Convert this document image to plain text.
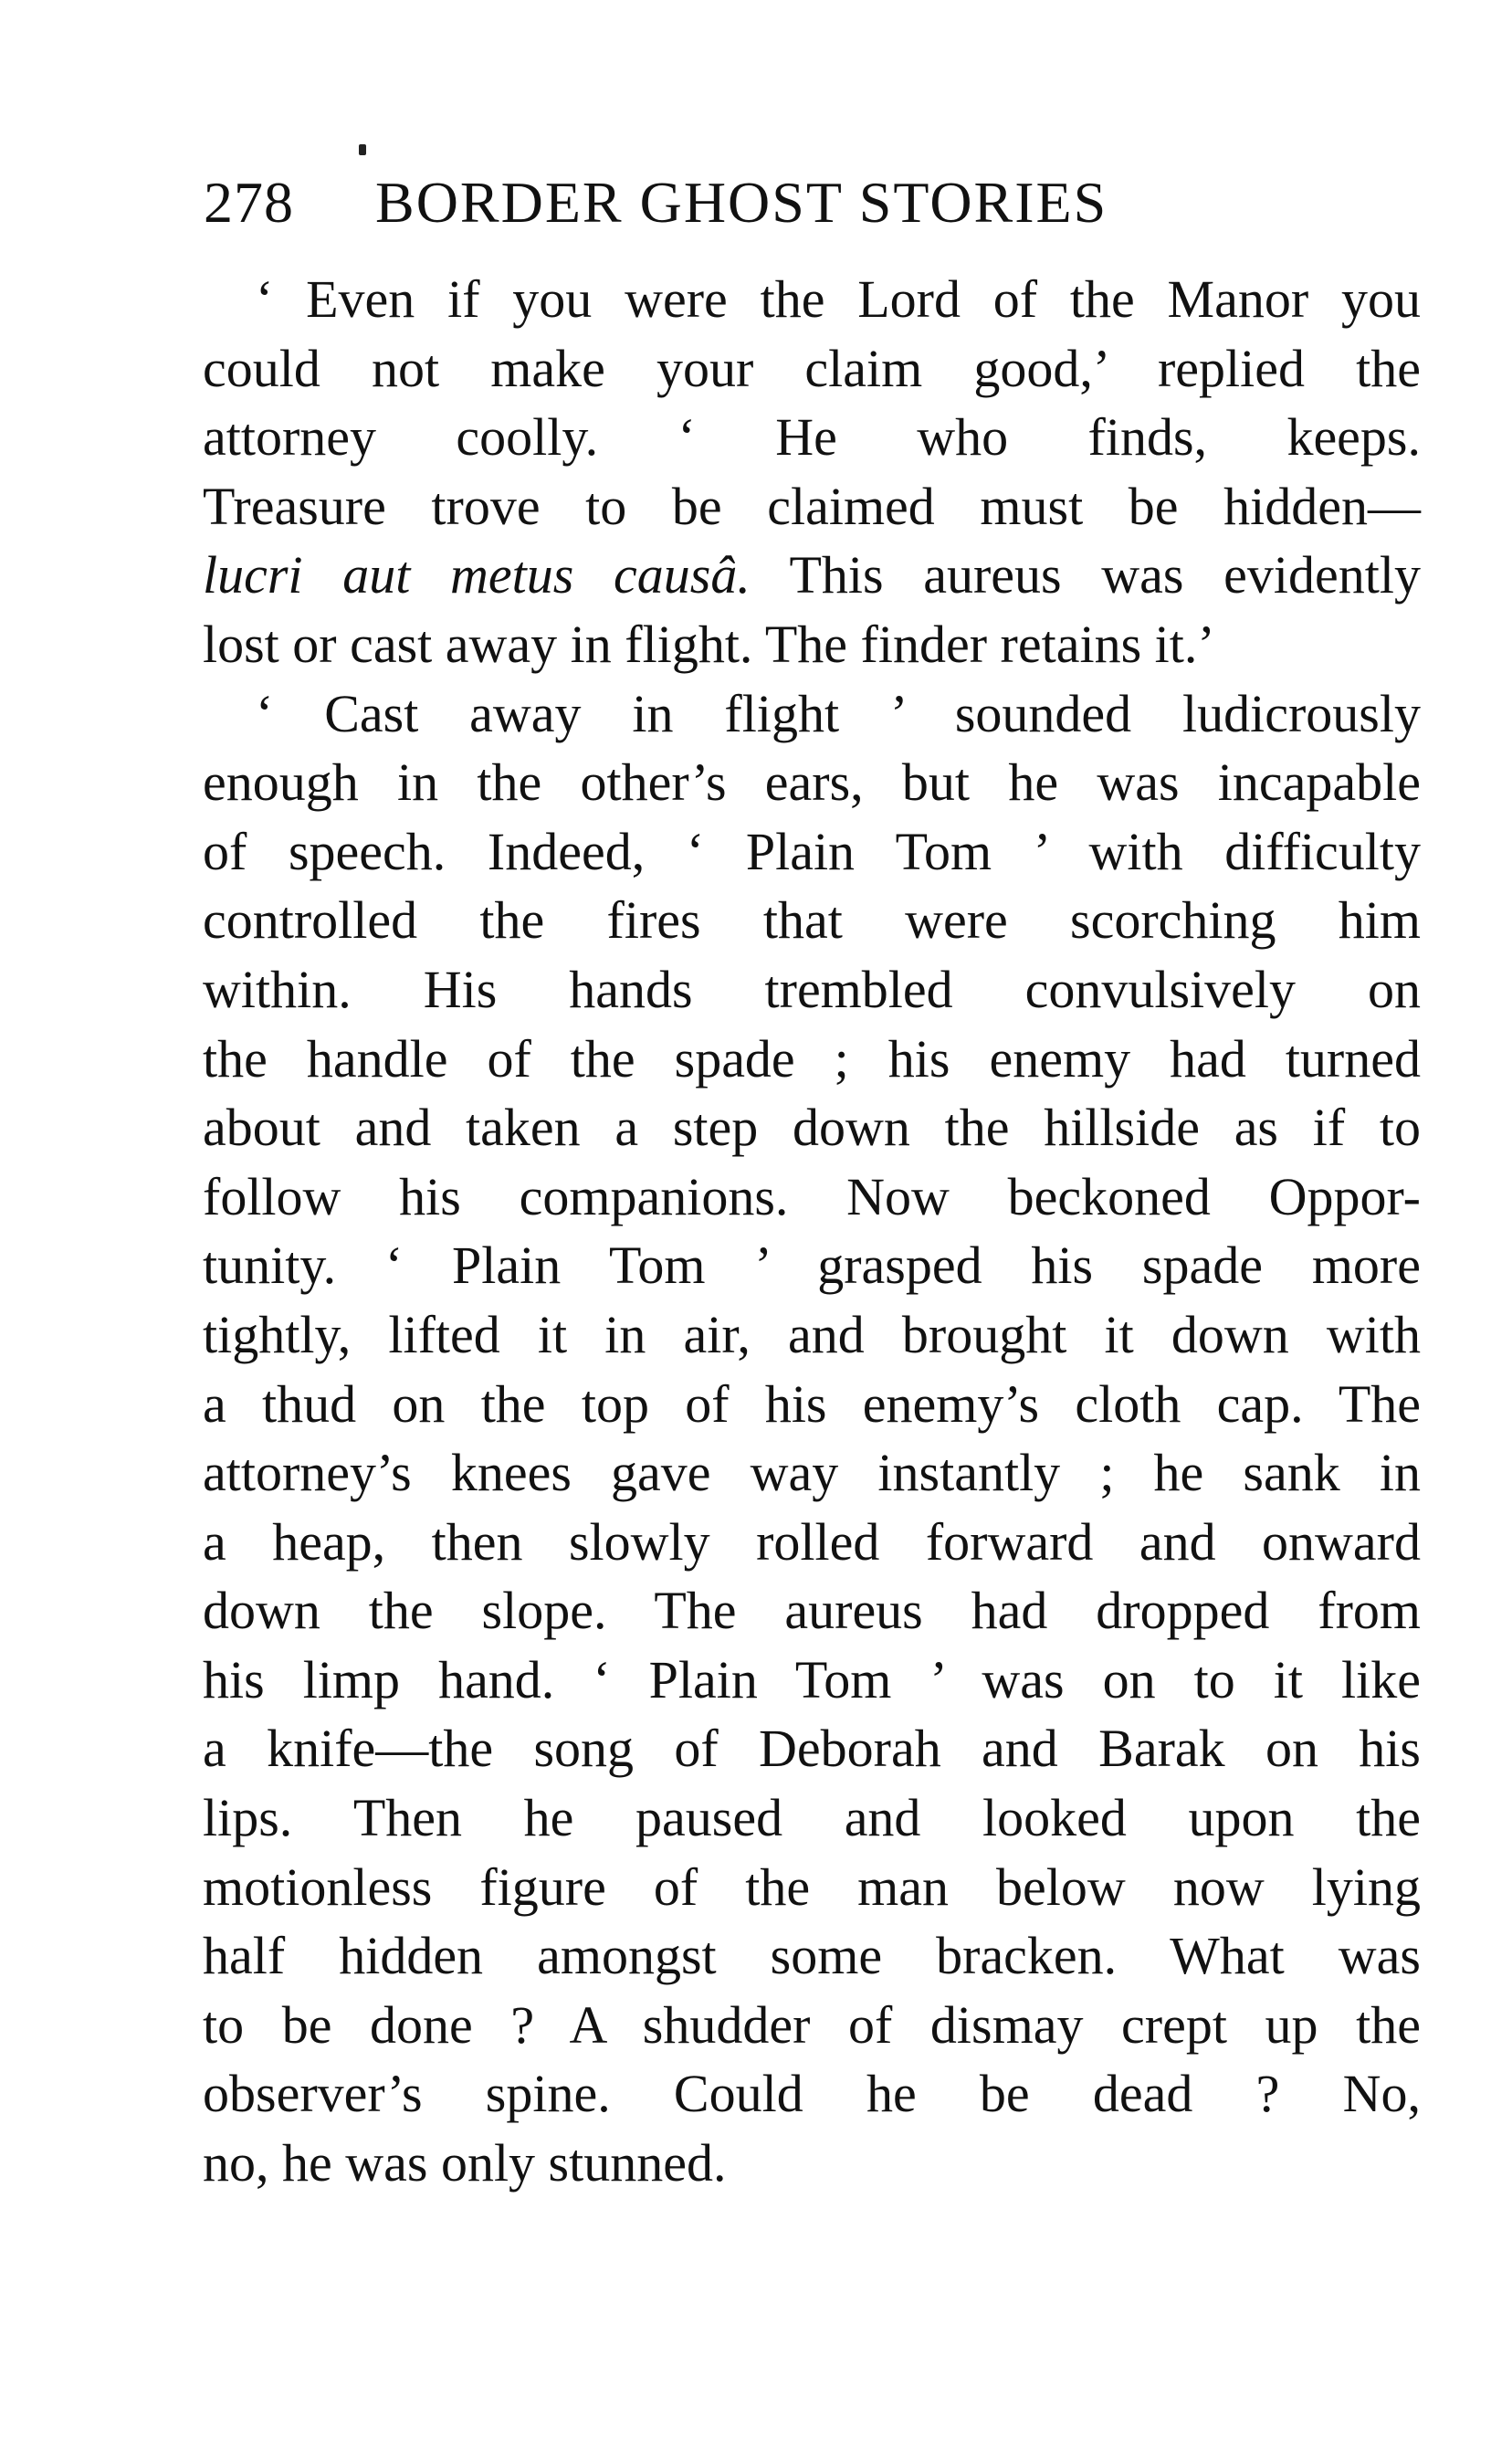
278 BORDER GHOST STORIES
‘ Even if you were the Lord of the Manor you
could not make your claim good,’ replied the
attorney coolly. ‘ He who finds, keeps.
Treasure trove to be claimed must be hidden—
lucri aut metus causâ. This aureus was evidently
lost or cast away in flight. The finder retains it.’
‘ Cast away in flight ’ sounded ludicrously
enough in the other’s ears, but he was incapable
of speech. Indeed, ‘ Plain Tom ’ with difficulty
controlled the fires that were scorching him
within. His hands trembled convulsively on
the handle of the spade ; his enemy had turned
about and taken a step down the hillside as if to
follow his companions. Now beckoned Oppor-
tunity. ‘ Plain Tom ’ grasped his spade more
tightly, lifted it in air, and brought it down with
a thud on the top of his enemy’s cloth cap. The
attorney’s knees gave way instantly ; he sank in
a heap, then slowly rolled forward and onward
down the slope. The aureus had dropped from
his limp hand. ‘ Plain Tom ’ was on to it like
a knife—the song of Deborah and Barak on his
lips. Then he paused and looked upon the
motionless figure of the man below now lying
half hidden amongst some bracken. What was
to be done ? A shudder of dismay crept up the
observer’s spine. Could he be dead ? No,
no, he was only stunned.
